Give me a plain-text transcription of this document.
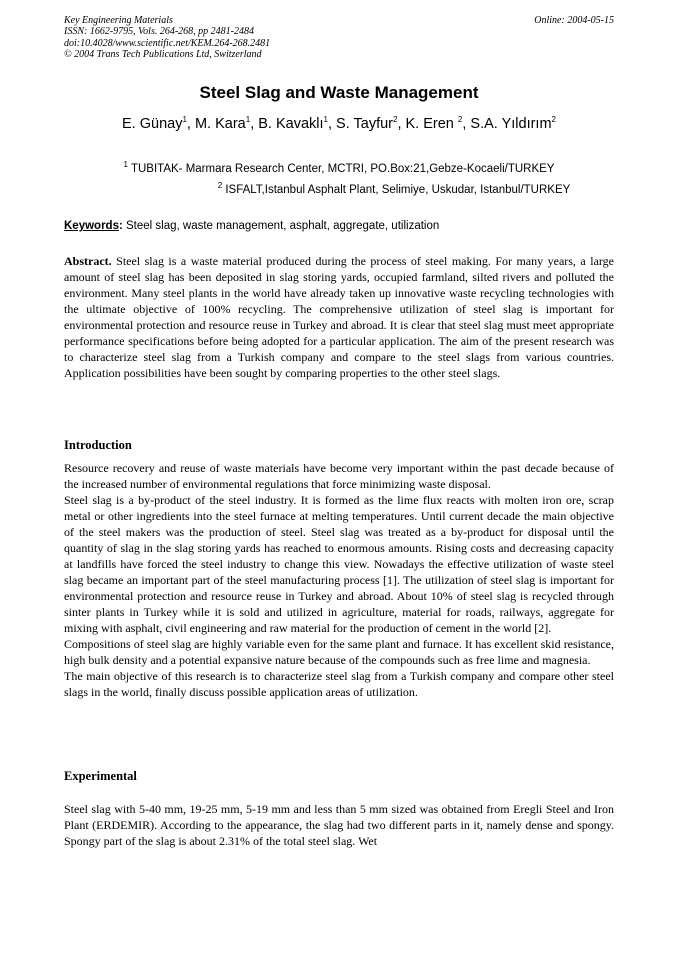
Key Engineering Materials
ISSN: 1662-9795, Vols. 264-268, pp 2481-2484
doi:10.4028/www.scientific.net/KEM.264-268.2481
© 2004 Trans Tech Publications Ltd, Switzerland
Online: 2004-05-15
Steel Slag and Waste Management
E. Günay$^1$, M. Kara$^1$, B. Kavaklı$^1$, S. Tayfur$^2$, K. Eren $^2$, S.A. Yıldırım$^2$
$^1$ TUBITAK- Marmara Research Center, MCTRI, PO.Box:21,Gebze-Kocaeli/TURKEY
$^2$ ISFALT,Istanbul Asphalt Plant, Selimiye, Uskudar, Istanbul/TURKEY
Keywords: Steel slag, waste management, asphalt, aggregate, utilization

Abstract. Steel slag is a waste material produced during the process of steel making. For many years, a large amount of steel slag has been deposited in slag storing yards, occupied farmland, silted rivers and polluted the environment. Many steel plants in the world have already taken up innovative waste recycling technologies with the ultimate objective of 100% recycling. The comprehensive utilization of steel slag is important for environmental protection and resource reuse in Turkey and abroad. It is clear that steel slag must meet appropriate performance specifications before being adopted for a particular application. The aim of the present research was to characterize steel slag from a Turkish company and compare to the steel slags from various countries. Application possibilities have been sought by comparing properties to the other steel slags.

Introduction

Resource recovery and reuse of waste materials have become very important within the past decade because of the increased number of environmental regulations that force minimizing waste disposal.

Steel slag is a by-product of the steel industry. It is formed as the lime flux reacts with molten iron ore, scrap metal or other ingredients into the steel furnace at melting temperatures. Until current decade the main objective of the steel makers was the production of steel. Steel slag was treated as a by-product for disposal until the quantity of slag in the slag storing yards has reached to enormous amounts. Rising costs and decreasing capacity at landfills have forced the steel industry to change this view. Nowadays the effective utilization of waste steel slag became an important part of the steel manufacturing process [1]. The utilization of steel slag is important for environmental protection and resource reuse in Turkey and abroad. About 10% of steel slag is recycled through sinter plants in Turkey while it is sold and utilized in agriculture, material for roads, railways, aggregate for mixing with asphalt, civil engineering and raw material for the production of cement in the world [2].

Compositions of steel slag are highly variable even for the same plant and furnace. It has excellent skid resistance, high bulk density and a potential expansive nature because of the compounds such as free lime and magnesia.

The main objective of this research is to characterize steel slag from a Turkish company and compare other steel slags in the world, finally discuss possible application areas of utilization.

Experimental

Steel slag with 5-40 mm, 19-25 mm, 5-19 mm and less than 5 mm sized was obtained from Eregli Steel and Iron Plant (ERDEMIR). According to the appearance, the slag had two different parts in it, namely dense and spongy. Spongy part of the slag is about 2.31% of the total steel slag. Wet
